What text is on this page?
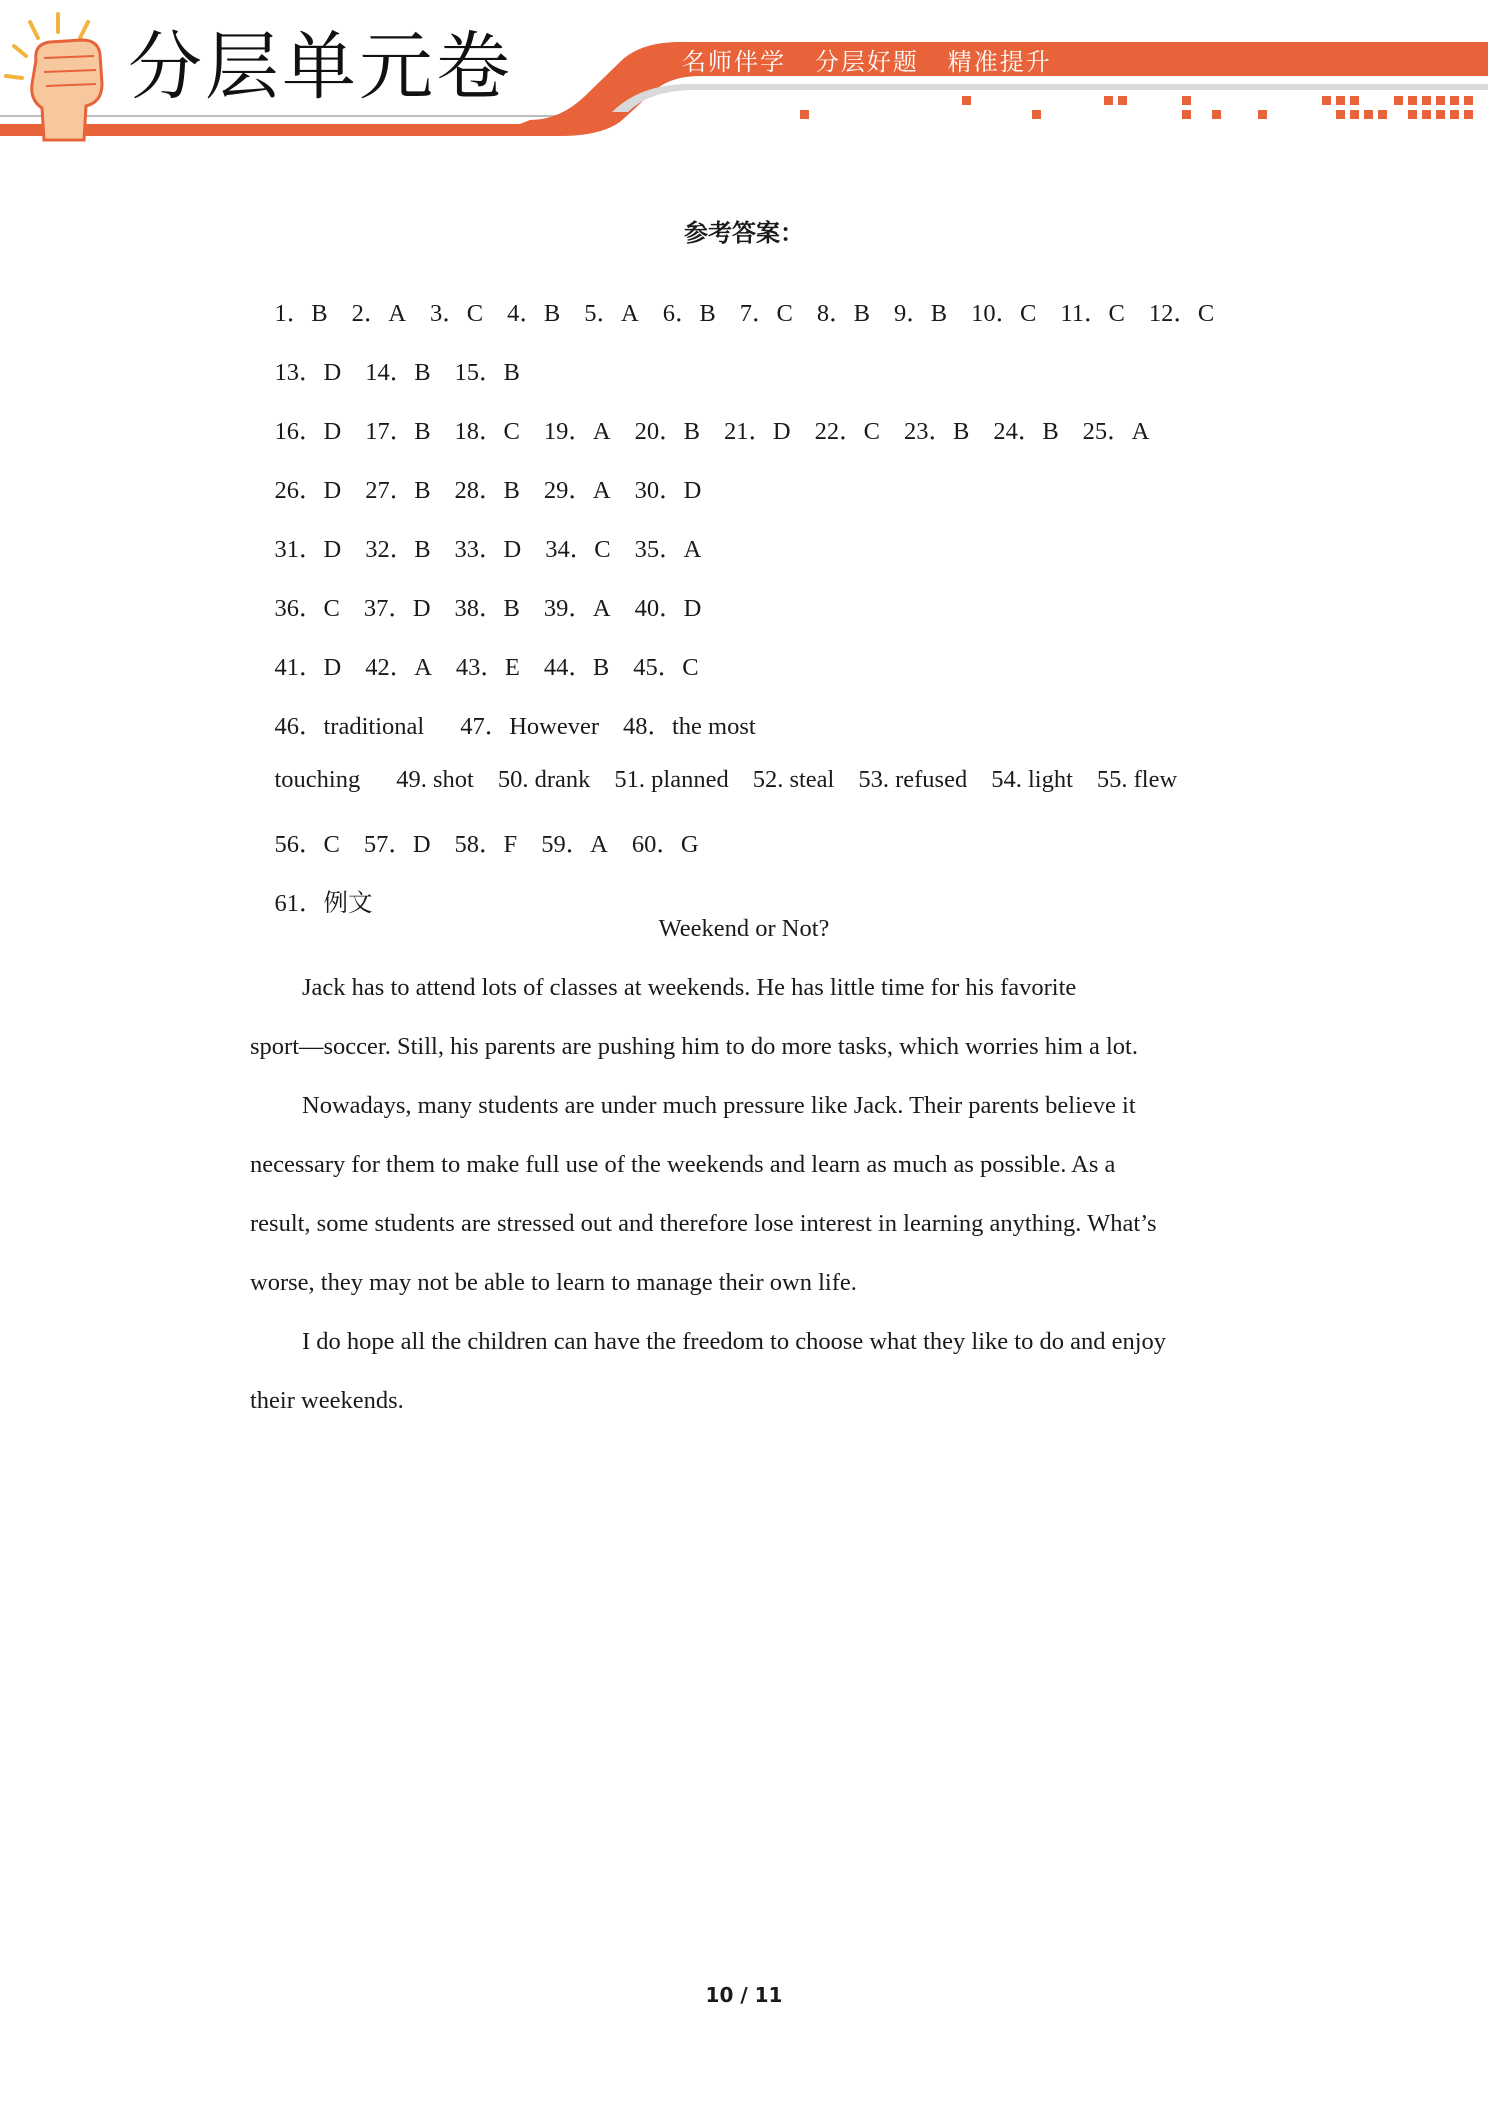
分层单元卷	名师伴学   分层好题   精准提升
参考答案：

1．B 2．A 3．C 4．B 5．A 6．B 7．C 8．B 9．B 10．C 11．C 12．C

13．D 14．B 15．B

16．D 17．B 18．C 19．A 20．B 21．D 22．C 23．B 24．B 25．A

26．D 27．B 28．B 29．A 30．D

31．D 32．B 33．D 34．C 35．A

36．C 37．D 38．B 39．A 40．D

41．D 42．A 43．E 44．B 45．C

46．traditional 47．However 48．the most

touching 49. shot 50. drank 51. planned 52. steal 53. refused 54. light 55. flew

56．C 57．D 58．F 59．A 60．G

61．例文

Weekend or Not?
Jack has to attend lots of classes at weekends. He has little time for his favorite
sport—soccer. Still, his parents are pushing him to do more tasks, which worries him a lot.
Nowadays, many students are under much pressure like Jack. Their parents believe it
necessary for them to make full use of the weekends and learn as much as possible. As a
result, some students are stressed out and therefore lose interest in learning anything. What’s
worse, they may not be able to learn to manage their own life.
I do hope all the children can have the freedom to choose what they like to do and enjoy
their weekends.
10 / 11
